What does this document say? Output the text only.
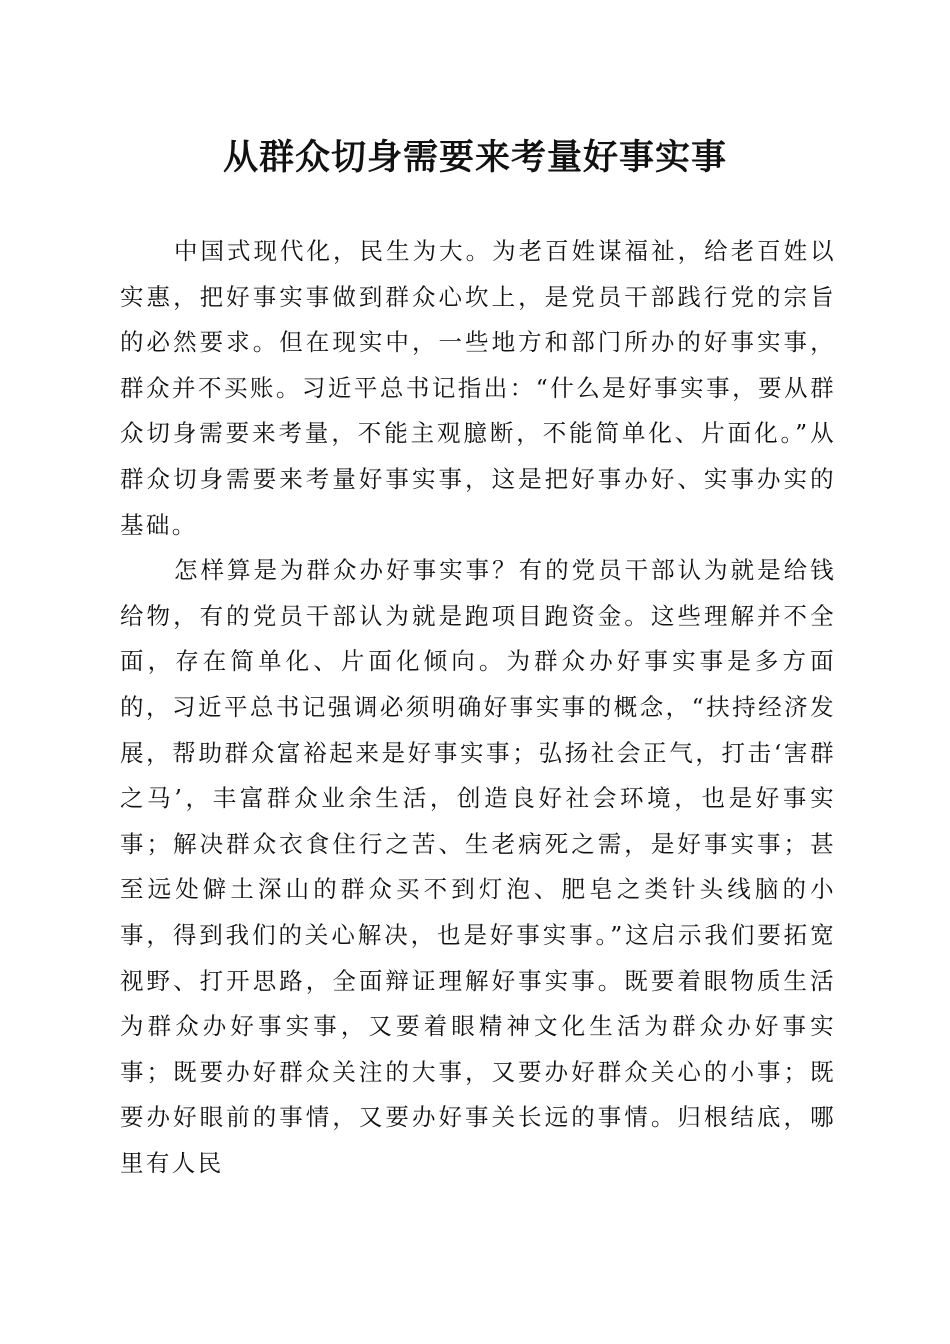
从群众切身需要来考量好事实事

中国式现代化，民生为大。为老百姓谋福祉，给老百姓以实惠，把好事实事做到群众心坎上，是党员干部践行党的宗旨的必然要求。但在现实中，一些地方和部门所办的好事实事，群众并不买账。习近平总书记指出：“什么是好事实事，要从群众切身需要来考量，不能主观臆断，不能简单化、片面化。”从群众切身需要来考量好事实事，这是把好事办好、实事办实的基础。

怎样算是为群众办好事实事？有的党员干部认为就是给钱给物，有的党员干部认为就是跑项目跑资金。这些理解并不全面，存在简单化、片面化倾向。为群众办好事实事是多方面的，习近平总书记强调必须明确好事实事的概念，“扶持经济发展，帮助群众富裕起来是好事实事；弘扬社会正气，打击‘害群之马’，丰富群众业余生活，创造良好社会环境，也是好事实事；解决群众衣食住行之苦、生老病死之需，是好事实事；甚至远处僻土深山的群众买不到灯泡、肥皂之类针头线脑的小事，得到我们的关心解决，也是好事实事。”这启示我们要拓宽视野、打开思路，全面辩证理解好事实事。既要着眼物质生活为群众办好事实事，又要着眼精神文化生活为群众办好事实事；既要办好群众关注的大事，又要办好群众关心的小事；既要办好眼前的事情，又要办好事关长远的事情。归根结底，哪里有人民
